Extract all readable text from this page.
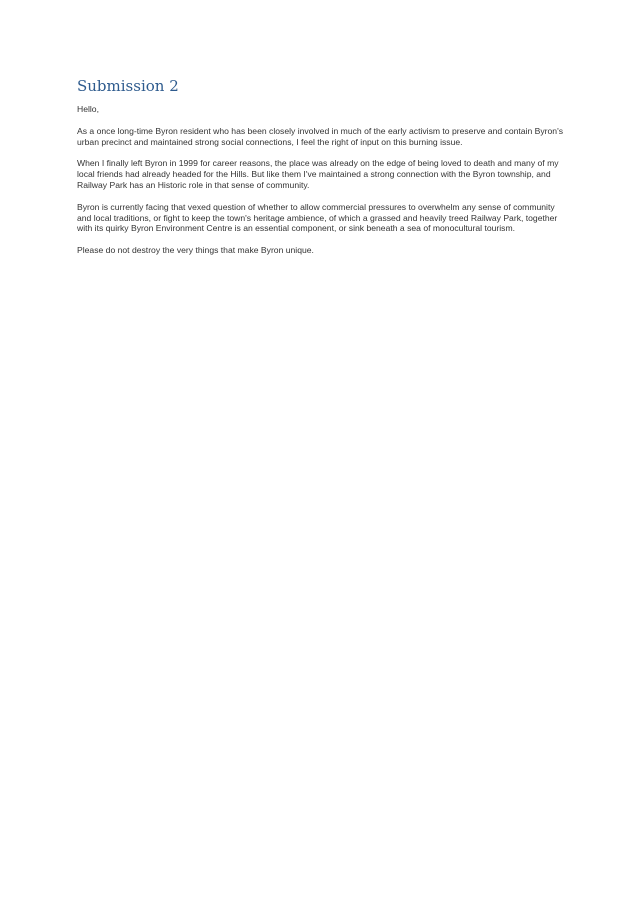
Submission 2

Hello,

As a once long-time Byron resident who has been closely involved in much of the early activism to preserve and contain Byron's urban precinct and maintained strong social connections, I feel the right of input on this burning issue.

When I finally left Byron in 1999 for career reasons, the place was already on the edge of being loved to death and many of my local friends had already headed for the Hills. But like them I've maintained a strong connection with the Byron township, and Railway Park has an Historic role in that sense of community.

Byron is currently facing that vexed question of whether to allow commercial pressures to overwhelm any sense of community and local traditions, or fight to keep the town's heritage ambience, of which a grassed and heavily treed Railway Park, together with its quirky Byron Environment Centre is an essential component, or sink beneath a sea of monocultural tourism.

Please do not destroy the very things that make Byron unique.
